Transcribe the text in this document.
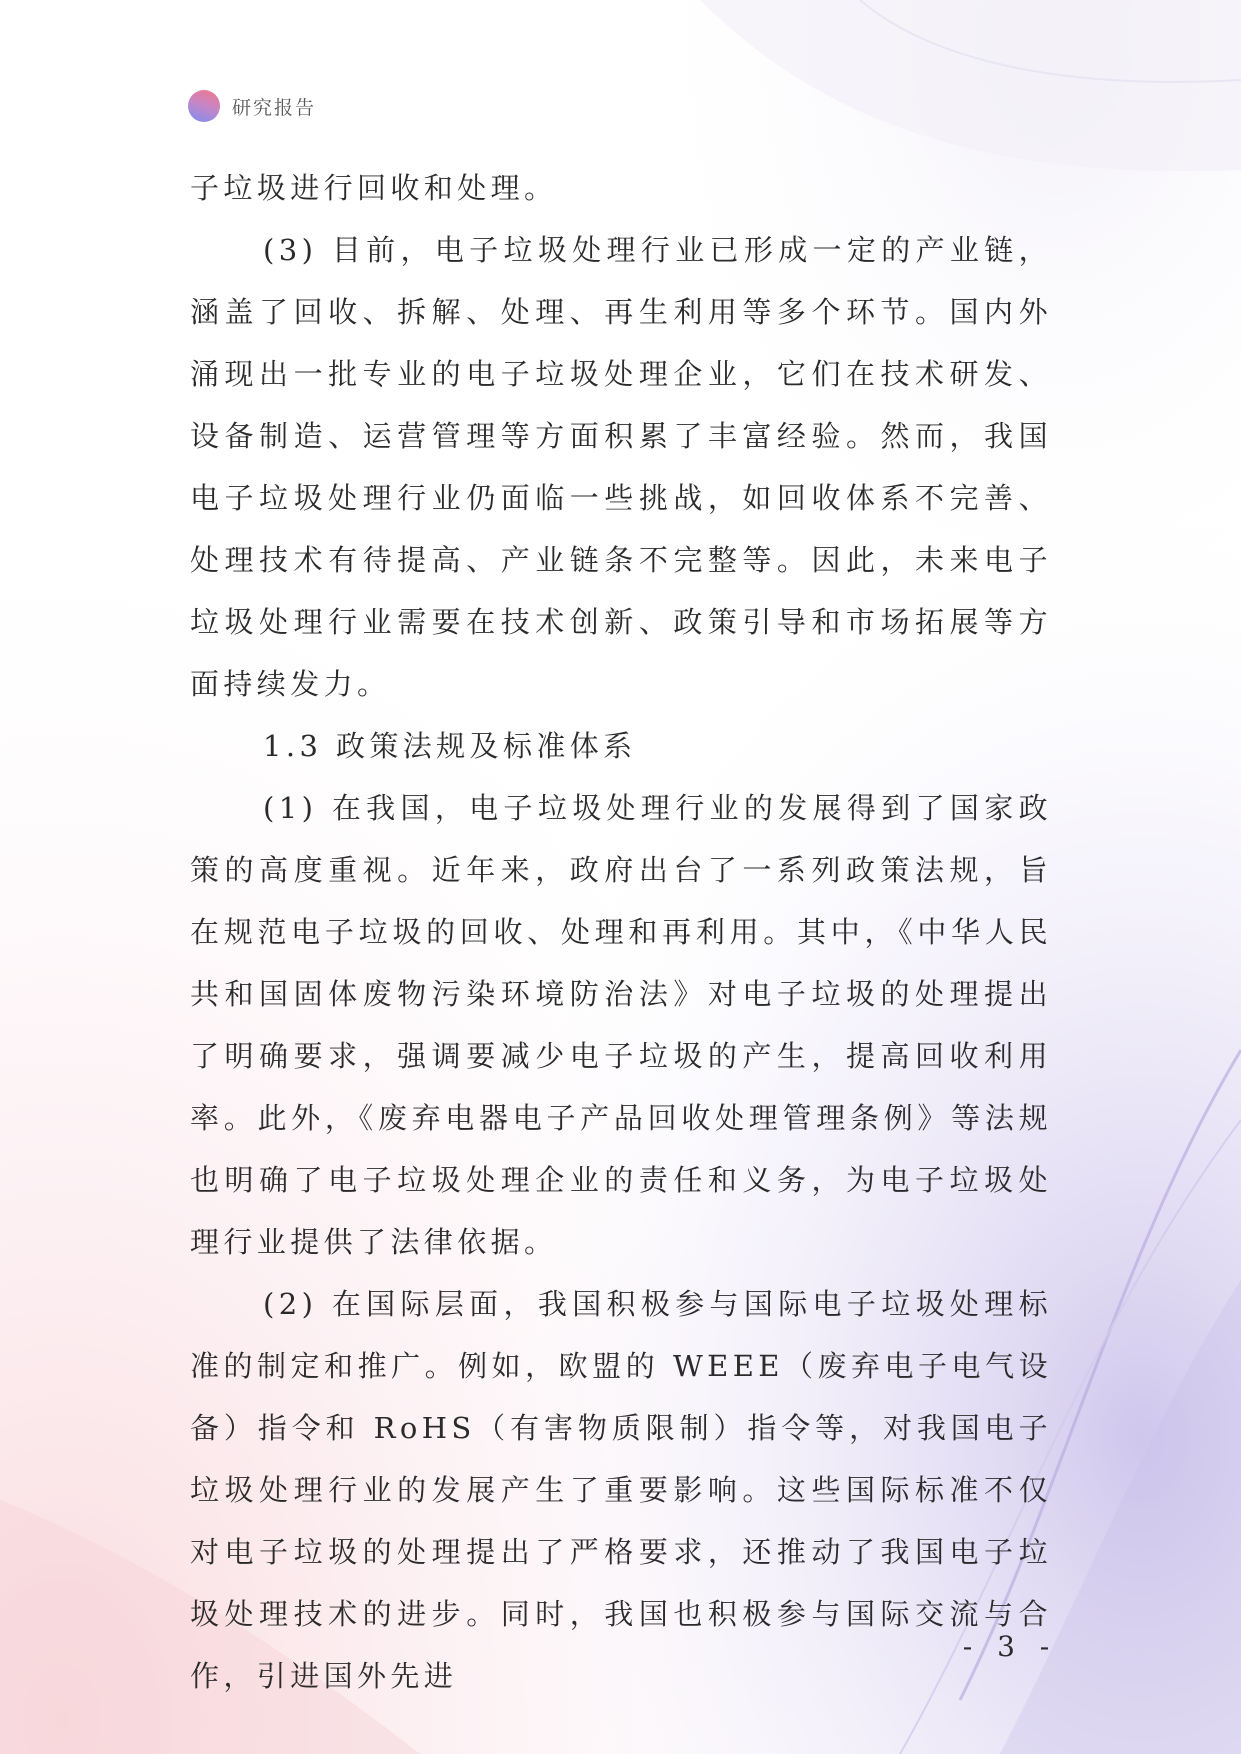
研究报告

子垃圾进行回收和处理。

(3) 目前，电子垃圾处理行业已形成一定的产业链，涵盖了回收、拆解、处理、再生利用等多个环节。国内外涌现出一批专业的电子垃圾处理企业，它们在技术研发、设备制造、运营管理等方面积累了丰富经验。然而，我国电子垃圾处理行业仍面临一些挑战，如回收体系不完善、处理技术有待提高、产业链条不完整等。因此，未来电子垃圾处理行业需要在技术创新、政策引导和市场拓展等方面持续发力。

1.3 政策法规及标准体系

(1) 在我国，电子垃圾处理行业的发展得到了国家政策的高度重视。近年来，政府出台了一系列政策法规，旨在规范电子垃圾的回收、处理和再利用。其中，《中华人民共和国固体废物污染环境防治法》对电子垃圾的处理提出了明确要求，强调要减少电子垃圾的产生，提高回收利用率。此外，《废弃电器电子产品回收处理管理条例》等法规也明确了电子垃圾处理企业的责任和义务，为电子垃圾处理行业提供了法律依据。

(2) 在国际层面，我国积极参与国际电子垃圾处理标准的制定和推广。例如，欧盟的 WEEE（废弃电子电气设备）指令和 RoHS（有害物质限制）指令等，对我国电子垃圾处理行业的发展产生了重要影响。这些国际标准不仅对电子垃圾的处理提出了严格要求，还推动了我国电子垃圾处理技术的进步。同时，我国也积极参与国际交流与合作，引进国外先进

- 3 -
